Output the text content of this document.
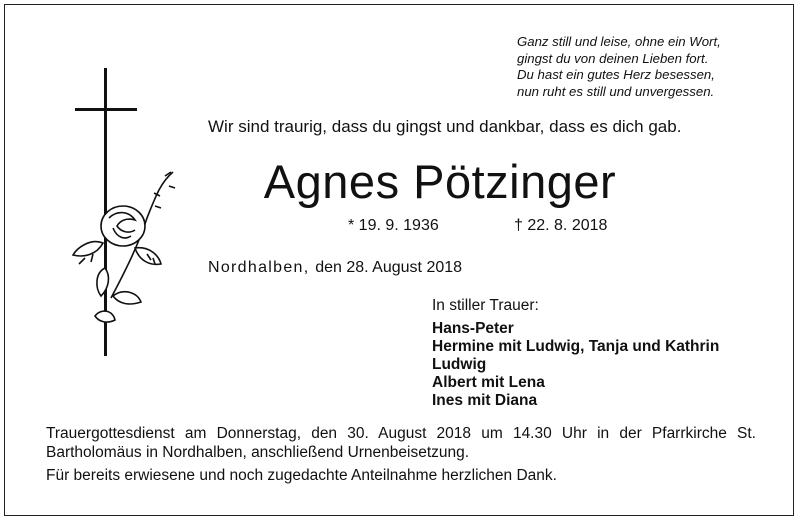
Ganz still und leise, ohne ein Wort,
gingst du von deinen Lieben fort.
Du hast ein gutes Herz besessen,
nun ruht es still und unvergessen.
Wir sind traurig, dass du gingst und dankbar, dass es dich gab.
Agnes Pötzinger
* 19. 9. 1936	† 22. 8. 2018
Nordhalben, den 28. August 2018
In stiller Trauer:
Hans-Peter
Hermine mit Ludwig, Tanja und Kathrin
Ludwig
Albert mit Lena
Ines mit Diana
Trauergottesdienst am Donnerstag, den 30. August 2018 um 14.30 Uhr in der Pfarrkirche St. Bartholomäus in Nordhalben, anschließend Urnenbeisetzung.
Für bereits erwiesene und noch zugedachte Anteilnahme herzlichen Dank.
